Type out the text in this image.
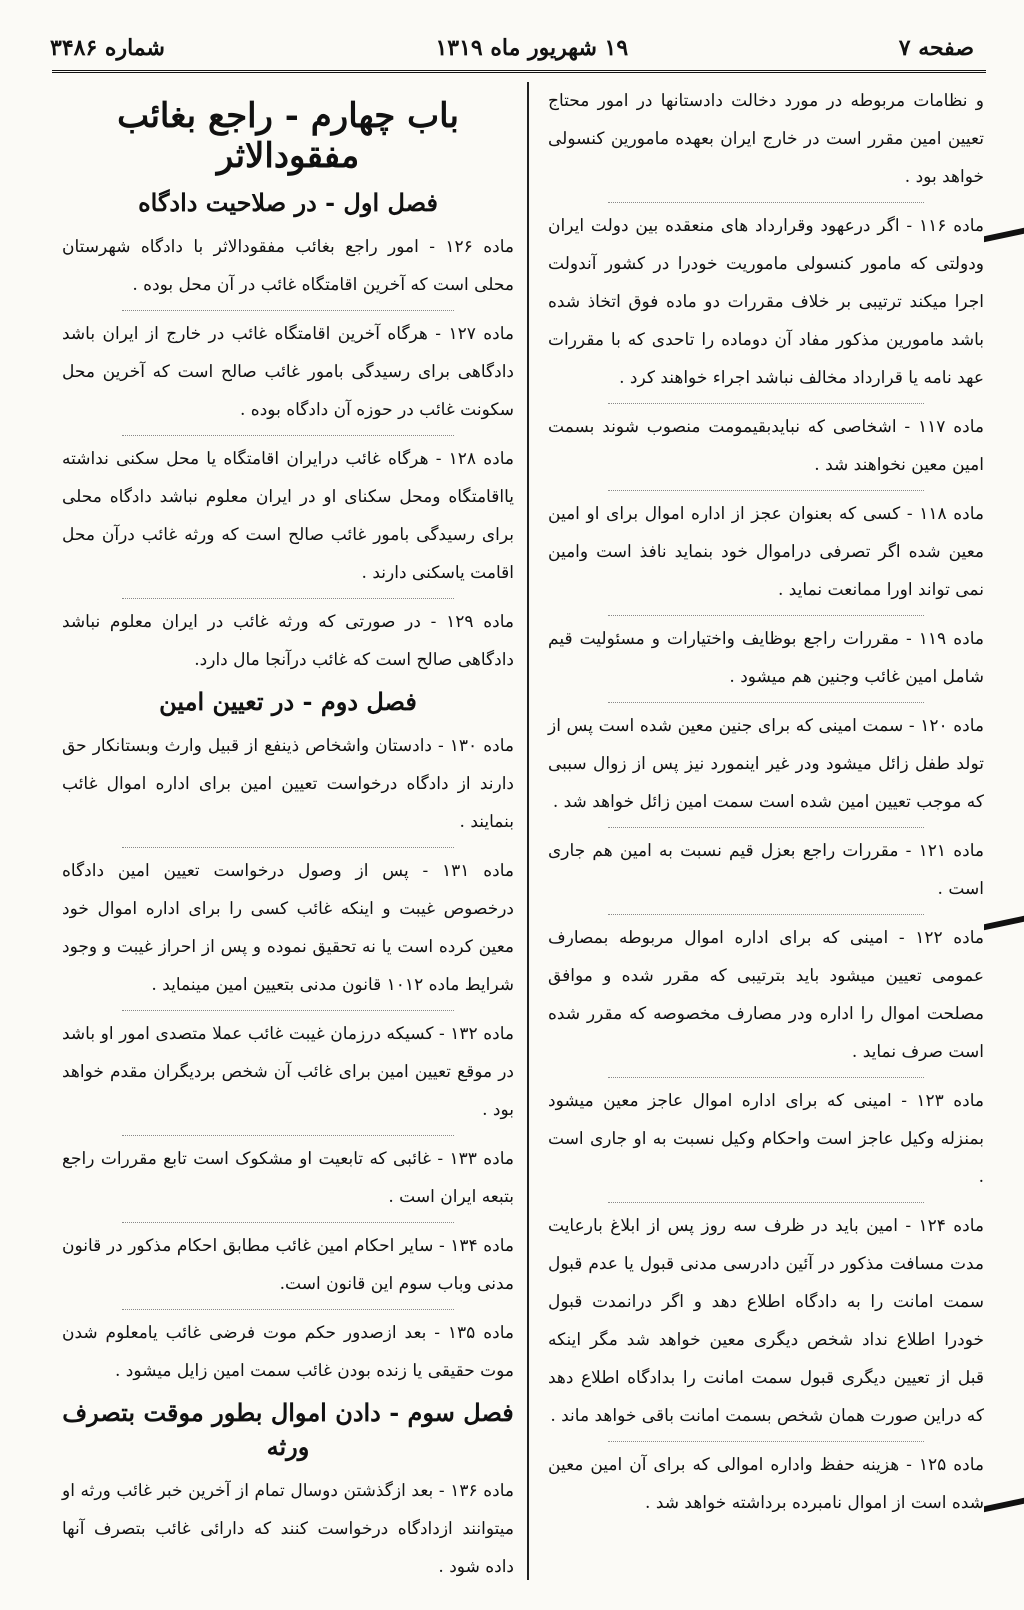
صفحه ۷
۱۹ شهریور ماه ۱۳۱۹
شماره ۳۴۸۶

و نظامات مربوطه در مورد دخالت دادستانها در امور محتاج تعیین امین مقرر است در خارج ایران بعهده مامورین کنسولی خواهد بود .

ماده ۱۱۶ - اگر درعهود وقرارداد های منعقده بین دولت ایران ودولتی که مامور کنسولی ماموریت خودرا در کشور آندولت اجرا میکند ترتیبی بر خلاف مقررات دو ماده فوق اتخاذ شده باشد مامورین مذکور مفاد آن دوماده را تاحدی که با مقررات عهد نامه یا قرارداد مخالف نباشد اجراء خواهند کرد .

ماده ۱۱۷ - اشخاصی که نبایدبقیمومت منصوب شوند بسمت امین معین نخواهند شد .

ماده ۱۱۸ - کسی که بعنوان عجز از اداره اموال برای او امین معین شده اگر تصرفی دراموال خود بنماید نافذ است وامین نمی تواند اورا ممانعت نماید .

ماده ۱۱۹ - مقررات راجع بوظایف واختیارات و مسئولیت قیم شامل امین غائب وجنین هم میشود .

ماده ۱۲۰ - سمت امینی که برای جنین معین شده است پس از تولد طفل زائل میشود ودر غیر اینمورد نیز پس از زوال سببی که موجب تعیین امین شده است سمت امین زائل خواهد شد .

ماده ۱۲۱ - مقررات راجع بعزل قیم نسبت به امین هم جاری است .

ماده ۱۲۲ - امینی که برای اداره اموال مربوطه بمصارف عمومی تعیین میشود باید بترتیبی که مقرر شده و موافق مصلحت اموال را اداره ودر مصارف مخصوصه که مقرر شده است صرف نماید .

ماده ۱۲۳ - امینی که برای اداره اموال عاجز معین میشود بمنزله وکیل عاجز است واحکام وکیل نسبت به او جاری است .

ماده ۱۲۴ - امین باید در ظرف سه روز پس از ابلاغ بارعایت مدت مسافت مذکور در آئین دادرسی مدنی قبول یا عدم قبول سمت امانت را به دادگاه اطلاع دهد و اگر درانمدت قبول خودرا اطلاع نداد شخص دیگری معین خواهد شد مگر اینکه قبل از تعیین دیگری قبول سمت امانت را بدادگاه اطلاع دهد که دراین صورت همان شخص بسمت امانت باقی خواهد ماند .

ماده ۱۲۵ - هزینه حفظ واداره اموالی که برای آن امین معین شده است از اموال نامبرده برداشته خواهد شد .

باب چهارم - راجع بغائب مفقودالاثر
فصل اول - در صلاحیت دادگاه

ماده ۱۲۶ - امور راجع بغائب مفقودالاثر با دادگاه شهرستان محلی است که آخرین اقامتگاه غائب در آن محل بوده .

ماده ۱۲۷ - هرگاه آخرین اقامتگاه غائب در خارج از ایران باشد دادگاهی برای رسیدگی بامور غائب صالح است که آخرین محل سکونت غائب در حوزه آن دادگاه بوده .

ماده ۱۲۸ - هرگاه غائب درایران اقامتگاه یا محل سکنی نداشته یااقامتگاه ومحل سکنای او در ایران معلوم نباشد دادگاه محلی برای رسیدگی بامور غائب صالح است که ورثه غائب درآن محل اقامت یاسکنی دارند .

ماده ۱۲۹ - در صورتی که ورثه غائب در ایران معلوم نباشد دادگاهی صالح است که غائب درآنجا مال دارد.

فصل دوم - در تعیین امین

ماده ۱۳۰ - دادستان واشخاص ذینفع از قبیل وارث وبستانکار حق دارند از دادگاه درخواست تعیین امین برای اداره اموال غائب بنمایند .

ماده ۱۳۱ - پس از وصول درخواست تعیین امین دادگاه درخصوص غیبت و اینکه غائب کسی را برای اداره اموال خود معین کرده است یا نه تحقیق نموده و پس از احراز غیبت و وجود شرایط ماده ۱۰۱۲ قانون مدنی بتعیین امین مینماید .

ماده ۱۳۲ - کسیکه درزمان غیبت غائب عملا متصدی امور او باشد در موقع تعیین امین برای غائب آن شخص بردیگران مقدم خواهد بود .

ماده ۱۳۳ - غائبی که تابعیت او مشکوک است تابع مقررات راجع بتبعه ایران است .

ماده ۱۳۴ - سایر احکام امین غائب مطابق احکام مذکور در قانون مدنی وباب سوم این قانون است.

ماده ۱۳۵ - بعد ازصدور حکم موت فرضی غائب یامعلوم شدن موت حقیقی یا زنده بودن غائب سمت امین زایل میشود .

فصل سوم - دادن اموال بطور موقت بتصرف ورثه

ماده ۱۳۶ - بعد ازگذشتن دوسال تمام از آخرین خبر غائب ورثه او میتوانند ازدادگاه درخواست کنند که دارائی غائب بتصرف آنها داده شود .
